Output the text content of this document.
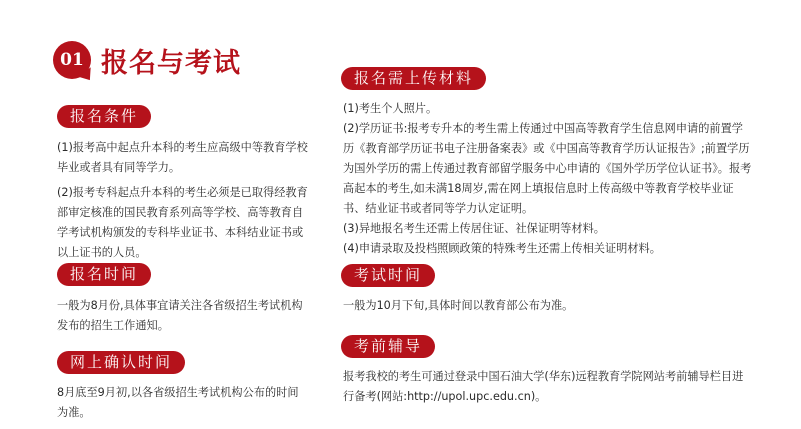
01 报名与考试
报名条件

(1)报考高中起点升本科的考生应高级中等教育学校毕业或者具有同等学力。

(2)报考专科起点升本科的考生必须是已取得经教育部审定核准的国民教育系列高等学校、高等教育自学考试机构颁发的专科毕业证书、本科结业证书或以上证书的人员。

报名时间
一般为8月份,具体事宜请关注各省级招生考试机构发布的招生工作通知。
网上确认时间
8月底至9月初,以各省级招生考试机构公布的时间为准。
报名需上传材料

(1)考生个人照片。

(2)学历证书:报考专升本的考生需上传通过中国高等教育学生信息网申请的前置学历《教育部学历证书电子注册备案表》或《中国高等教育学历认证报告》;前置学历为国外学历的需上传通过教育部留学服务中心申请的《国外学历学位认证书》。报考高起本的考生,如未满18周岁,需在网上填报信息时上传高级中等教育学校毕业证书、结业证书或者同等学力认定证明。

(3)异地报名考生还需上传居住证、社保证明等材料。

(4)申请录取及投档照顾政策的特殊考生还需上传相关证明材料。

考试时间
一般为10月下旬,具体时间以教育部公布为准。
考前辅导
报考我校的考生可通过登录中国石油大学(华东)远程教育学院网站考前辅导栏目进行备考(网站:http://upol.upc.edu.cn)。
